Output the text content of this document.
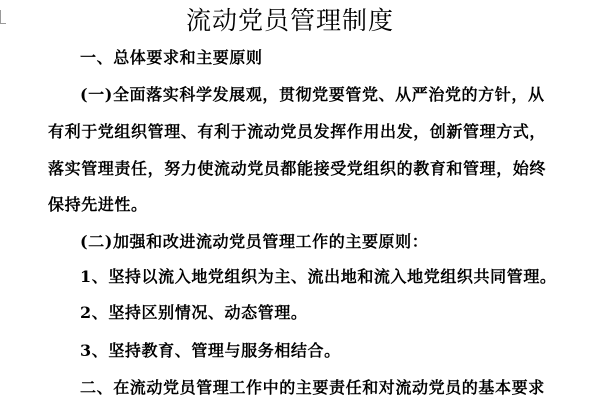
流动党员管理制度
一、总体要求和主要原则
(一)全面落实科学发展观，贯彻党要管党、从严治党的方针，从
有利于党组织管理、有利于流动党员发挥作用出发，创新管理方式，
落实管理责任，努力使流动党员都能接受党组织的教育和管理，始终
保持先进性。
(二)加强和改进流动党员管理工作的主要原则：
1、坚持以流入地党组织为主、流出地和流入地党组织共同管理。
2、坚持区别情况、动态管理。
3、坚持教育、管理与服务相结合。
二、在流动党员管理工作中的主要责任和对流动党员的基本要求
